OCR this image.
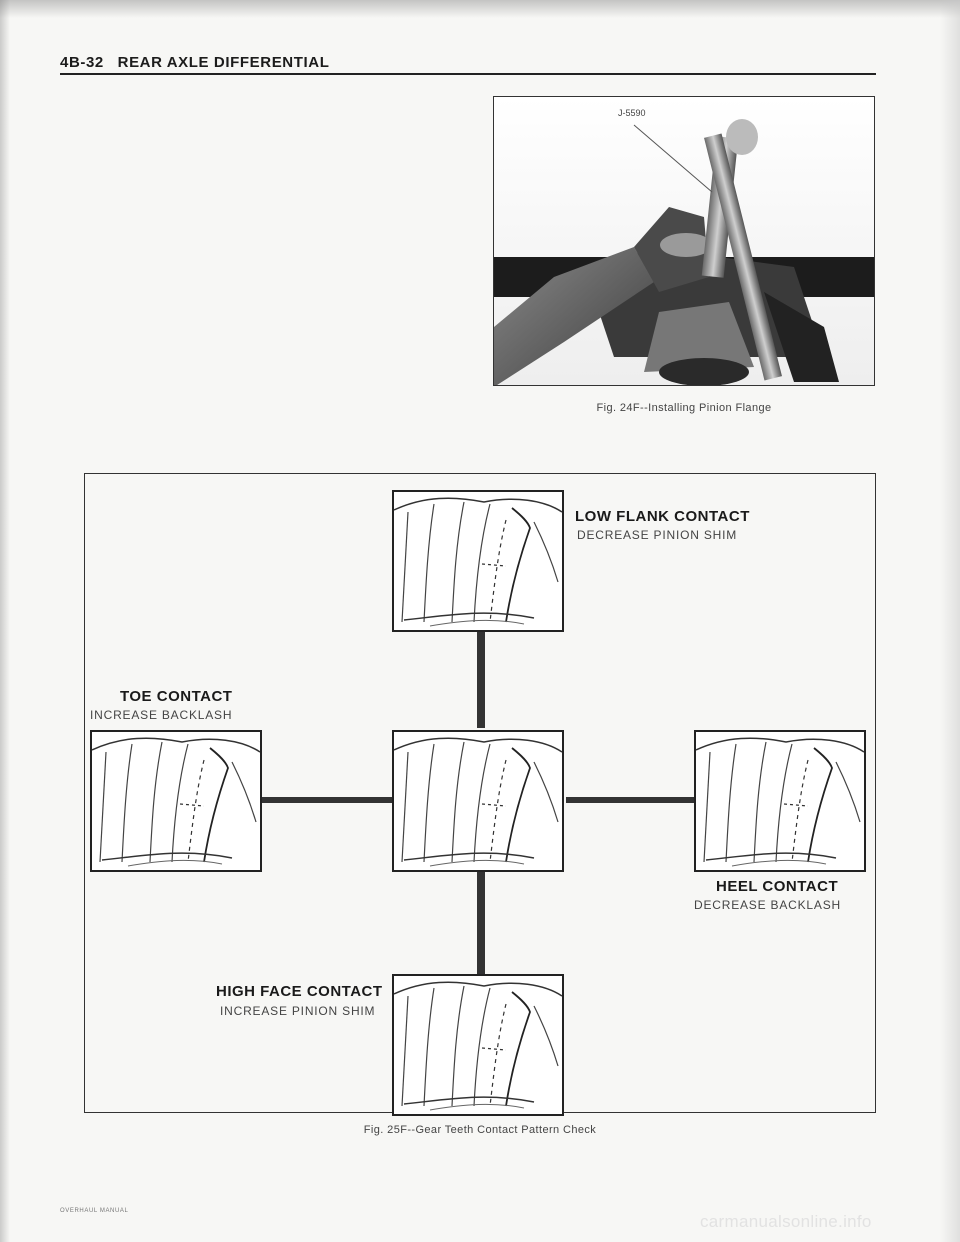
4B-32 REAR AXLE DIFFERENTIAL
J-5590
Fig. 24F--Installing Pinion Flange
LOW FLANK CONTACT
DECREASE PINION SHIM
TOE CONTACT
INCREASE BACKLASH
HEEL CONTACT
DECREASE BACKLASH
HIGH FACE CONTACT
INCREASE PINION SHIM
Fig. 25F--Gear Teeth Contact Pattern Check
OVERHAUL MANUAL
carmanualsonline.info
